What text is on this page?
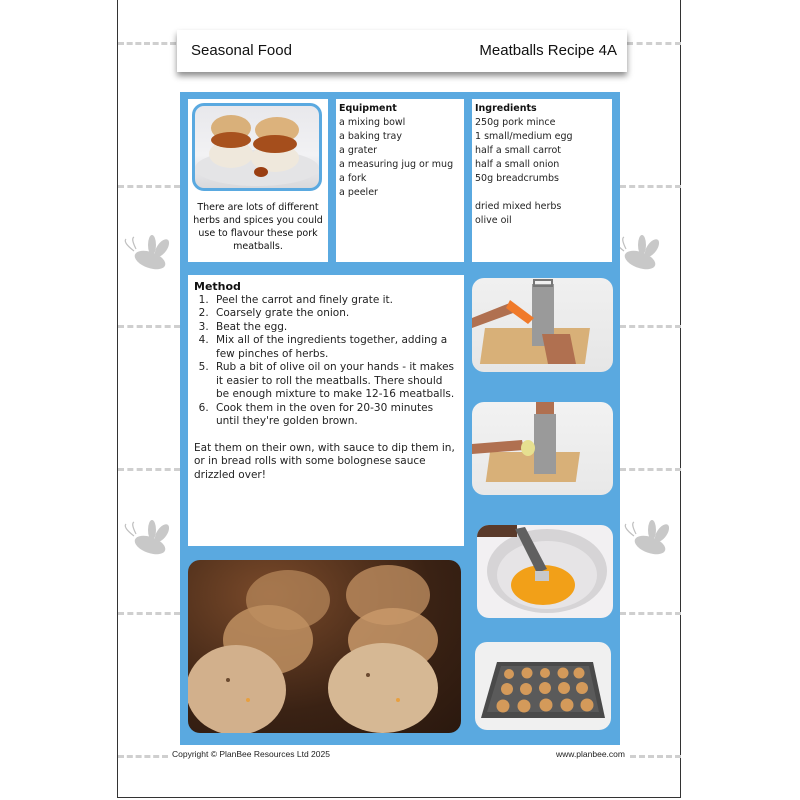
Seasonal Food	Meatballs Recipe 4A
There are lots of different herbs and spices you could use to flavour these pork meatballs.
Equipment
a mixing bowl
a baking tray
a grater
a measuring jug or mug
a fork
a peeler
Ingredients
250g pork mince
1 small/medium egg
half a small carrot
half a small onion
50g breadcrumbs
dried mixed herbs
olive oil
Method
1. Peel the carrot and finely grate it.
2. Coarsely grate the onion.
3. Beat the egg.
4. Mix all of the ingredients together, adding a few pinches of herbs.
5. Rub a bit of olive oil on your hands - it makes it easier to roll the meatballs. There should be enough mixture to make 12-16 meatballs.
6. Cook them in the oven for 20-30 minutes until they're golden brown.
Eat them on their own, with sauce to dip them in, or in bread rolls with some bolognese sauce drizzled over!
Copyright © PlanBee Resources Ltd 2025	www.planbee.com
